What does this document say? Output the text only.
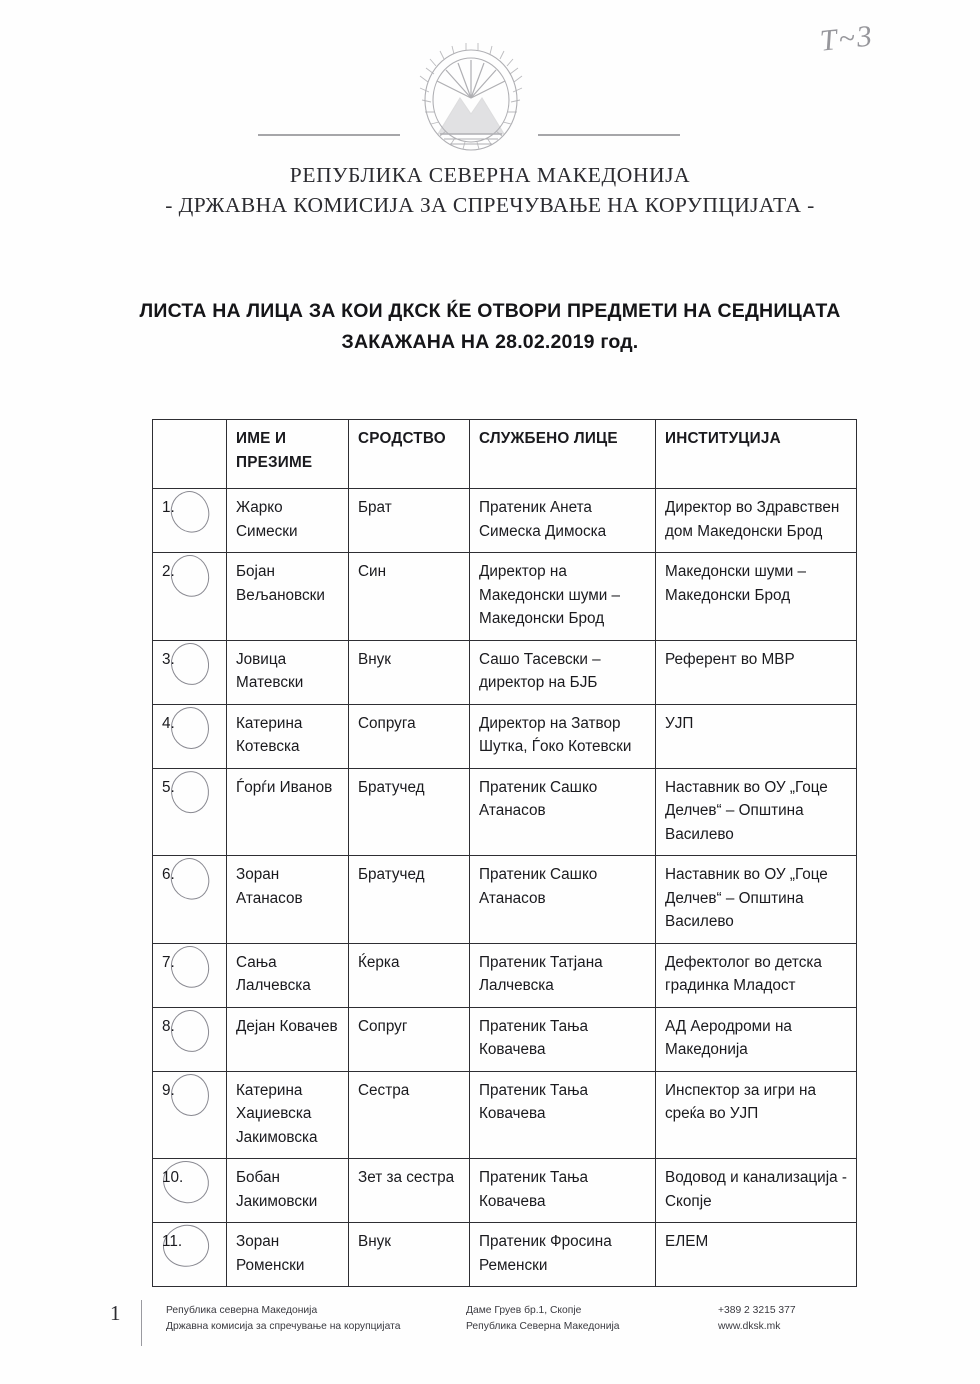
Т~3
РЕПУБЛИКА СЕВЕРНА МАКЕДОНИЈА
- ДРЖАВНА КОМИСИЈА ЗА СПРЕЧУВАЊЕ НА КОРУПЦИЈАТА -
ЛИСТА НА ЛИЦА ЗА КОИ ДКСК ЌЕ ОТВОРИ ПРЕДМЕТИ НА СЕДНИЦАТА
ЗАКАЖАНА НА 28.02.2019 год.
	ИМЕ И ПРЕЗИМЕ	СРОДСТВО	СЛУЖБЕНО ЛИЦЕ	ИНСТИТУЦИЈА

1.	Жарко Симески	Брат	Пратеник Анета Симеска Димоска	Директор во Здравствен дом Македонски Брод

2.	Бојан Вељановски	Син	Директор на Македонски шуми – Македонски Брод	Македонски шуми – Македонски Брод

3.	Јовица Матевски	Внук	Сашо Тасевски – директор на БЈБ	Референт во МВР

4.	Катерина Котевска	Сопруга	Директор на Затвор Шутка, Ѓоко Котевски	УЈП

5.	Ѓорѓи Иванов	Братучед	Пратеник Сашко Атанасов	Наставник во ОУ „Гоце Делчев“ – Општина Василево

6.	Зоран Атанасов	Братучед	Пратеник Сашко Атанасов	Наставник во ОУ „Гоце Делчев“ – Општина Василево

7.	Сања Лалчевска	Ќерка	Пратеник Татјана Лалчевска	Дефектолог во детска градинка Младост

8.	Дејан Ковачев	Сопруг	Пратеник Тања Ковачева	АД Аеродроми на Македонија

9.	Катерина Хаџиевска Јакимовска	Сестра	Пратеник Тања Ковачева	Инспектор за игри на среќа во УЈП

10.	Бобан Јакимовски	Зет за сестра	Пратеник Тања Ковачева	Водовод и канализација - Скопје

11.	Зоран Роменски	Внук	Пратеник Фросина Ременски	ЕЛЕМ
1	Република северна Македонија
Државна комисија за спречување на корупцијата
Даме Груев бр.1, Скопје
Република Северна Македонија
+389 2 3215 377
www.dksk.mk
